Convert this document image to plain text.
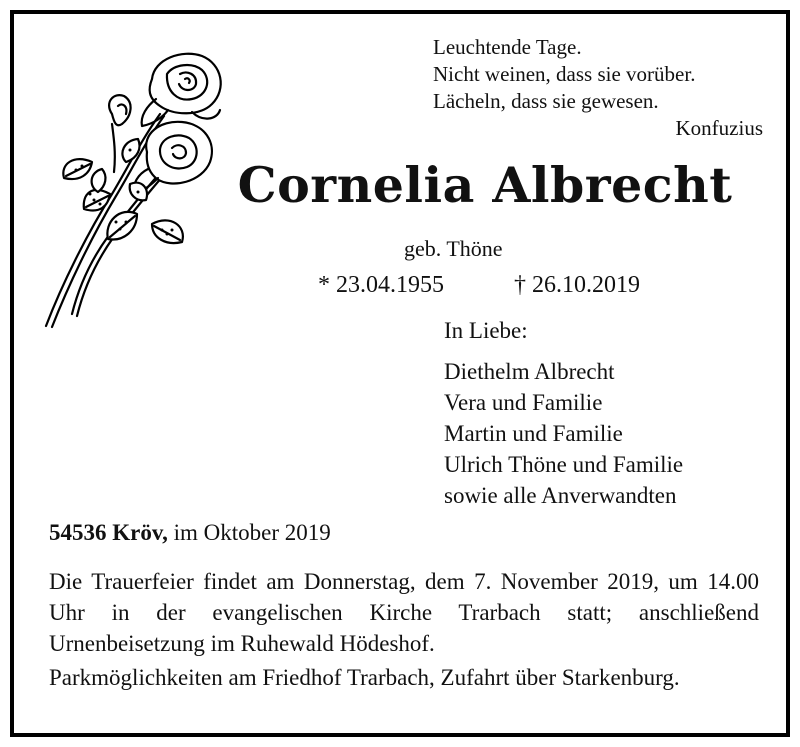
Leuchtende Tage.
Nicht weinen, dass sie vorüber.
Lächeln, dass sie gewesen.
Konfuzius
Cornelia Albrecht
geb. Thöne
* 23.04.1955	† 26.10.2019
In Liebe:
Diethelm Albrecht
Vera und Familie
Martin und Familie
Ulrich Thöne und Familie
sowie alle Anverwandten
54536 Kröv, im Oktober 2019
Die Trauerfeier findet am Donnerstag, dem 7. November 2019, um 14.00 Uhr in der evangelischen Kirche Trarbach statt; anschließend Urnenbeisetzung im Ruhewald Hödeshof.
Parkmöglichkeiten am Friedhof Trarbach, Zufahrt über Starkenburg.
